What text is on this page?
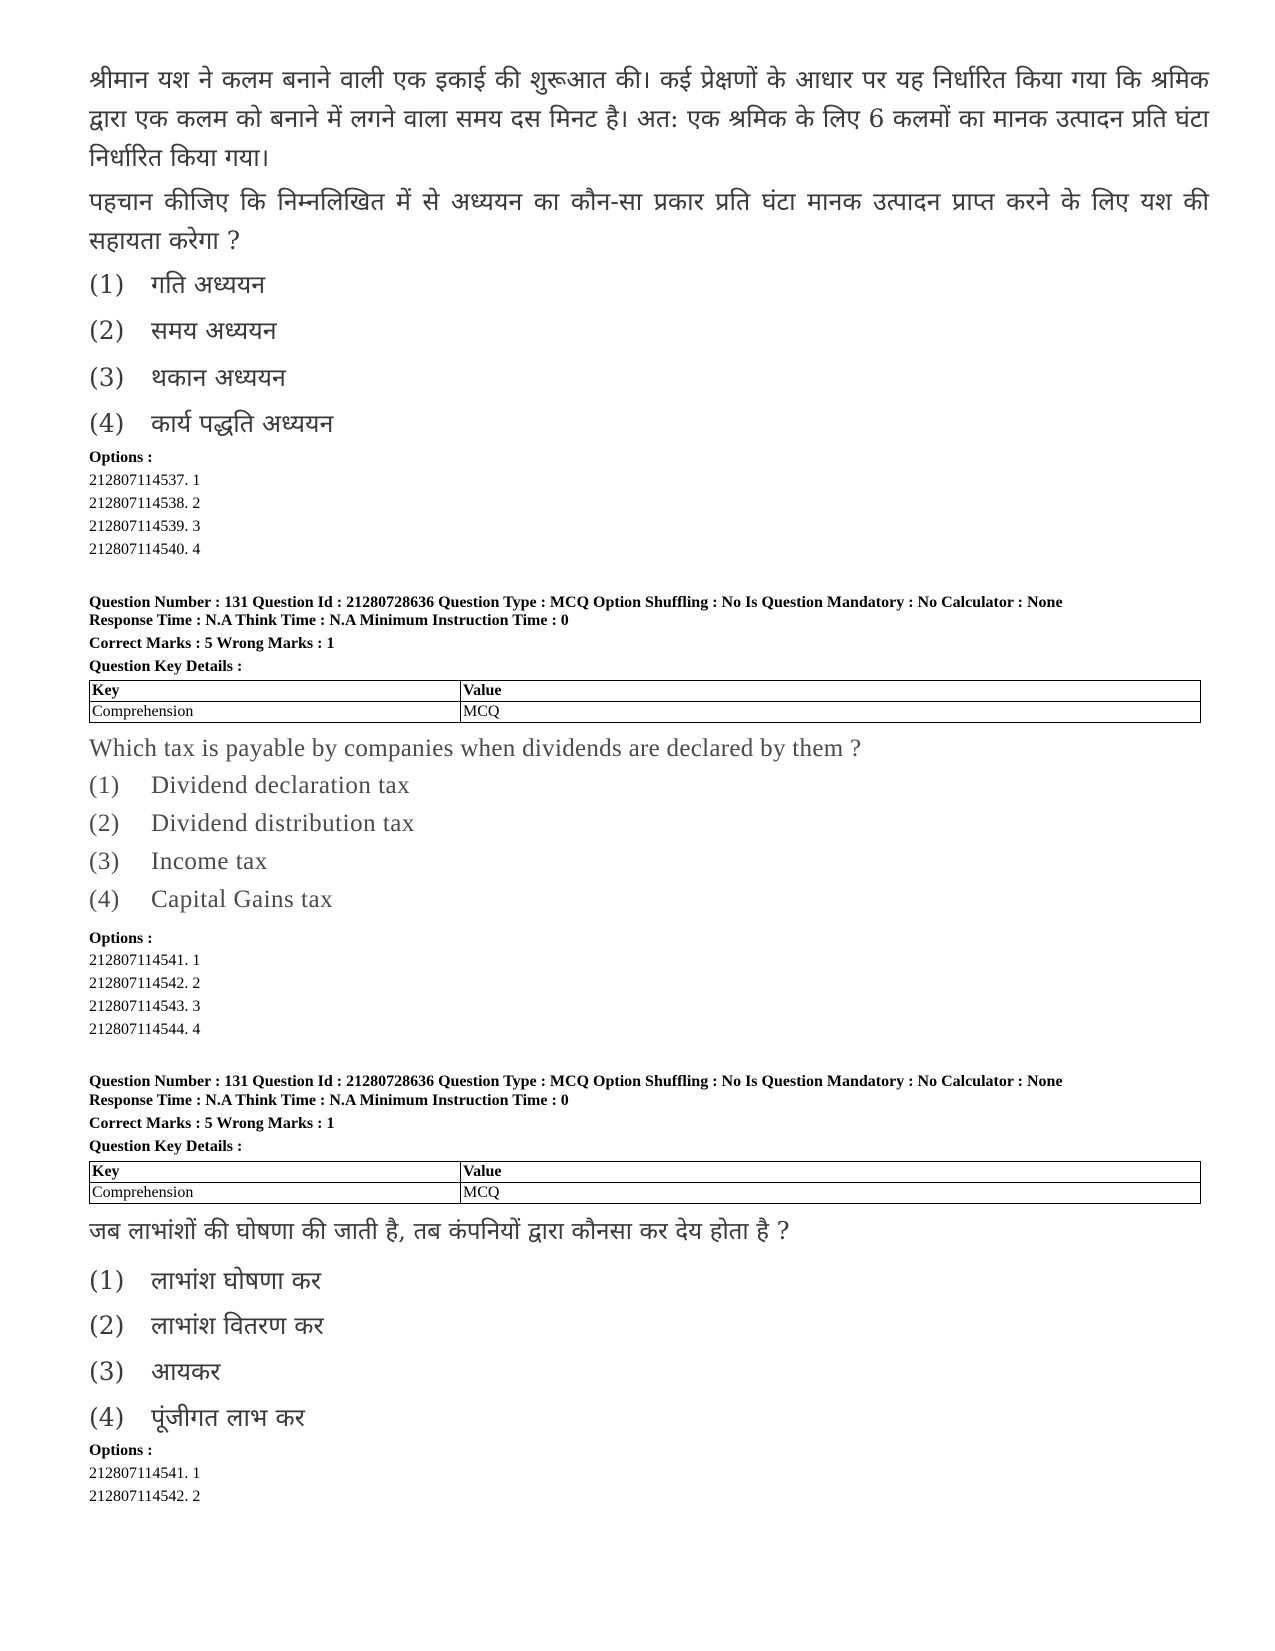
श्रीमान यश ने कलम बनाने वाली एक इकाई की शुरूआत की। कई प्रेक्षणों के आधार पर यह निर्धारित किया गया कि श्रमिक द्वारा एक कलम को बनाने में लगने वाला समय दस मिनट है। अत: एक श्रमिक के लिए 6 कलमों का मानक उत्पादन प्रति घंटा निर्धारित किया गया।

पहचान कीजिए कि निम्नलिखित में से अध्ययन का कौन-सा प्रकार प्रति घंटा मानक उत्पादन प्राप्त करने के लिए यश की सहायता करेगा ?

(1) गति अध्ययन
(2) समय अध्ययन
(3) थकान अध्ययन
(4) कार्य पद्धति अध्ययन
Options :
212807114537. 1
212807114538. 2
212807114539. 3
212807114540. 4
Question Number : 131 Question Id : 21280728636 Question Type : MCQ Option Shuffling : No Is Question Mandatory : No Calculator : None
Response Time : N.A Think Time : N.A Minimum Instruction Time : 0
Correct Marks : 5 Wrong Marks : 1
Question Key Details :
Key	Value
Comprehension	MCQ
Which tax is payable by companies when dividends are declared by them ?
(1) Dividend declaration tax
(2) Dividend distribution tax
(3) Income tax
(4) Capital Gains tax
Options :
212807114541. 1
212807114542. 2
212807114543. 3
212807114544. 4
Question Number : 131 Question Id : 21280728636 Question Type : MCQ Option Shuffling : No Is Question Mandatory : No Calculator : None
Response Time : N.A Think Time : N.A Minimum Instruction Time : 0
Correct Marks : 5 Wrong Marks : 1
Question Key Details :
Key	Value
Comprehension	MCQ
जब लाभांशों की घोषणा की जाती है, तब कंपनियों द्वारा कौनसा कर देय होता है ?
(1) लाभांश घोषणा कर
(2) लाभांश वितरण कर
(3) आयकर
(4) पूंजीगत लाभ कर
Options :
212807114541. 1
212807114542. 2
